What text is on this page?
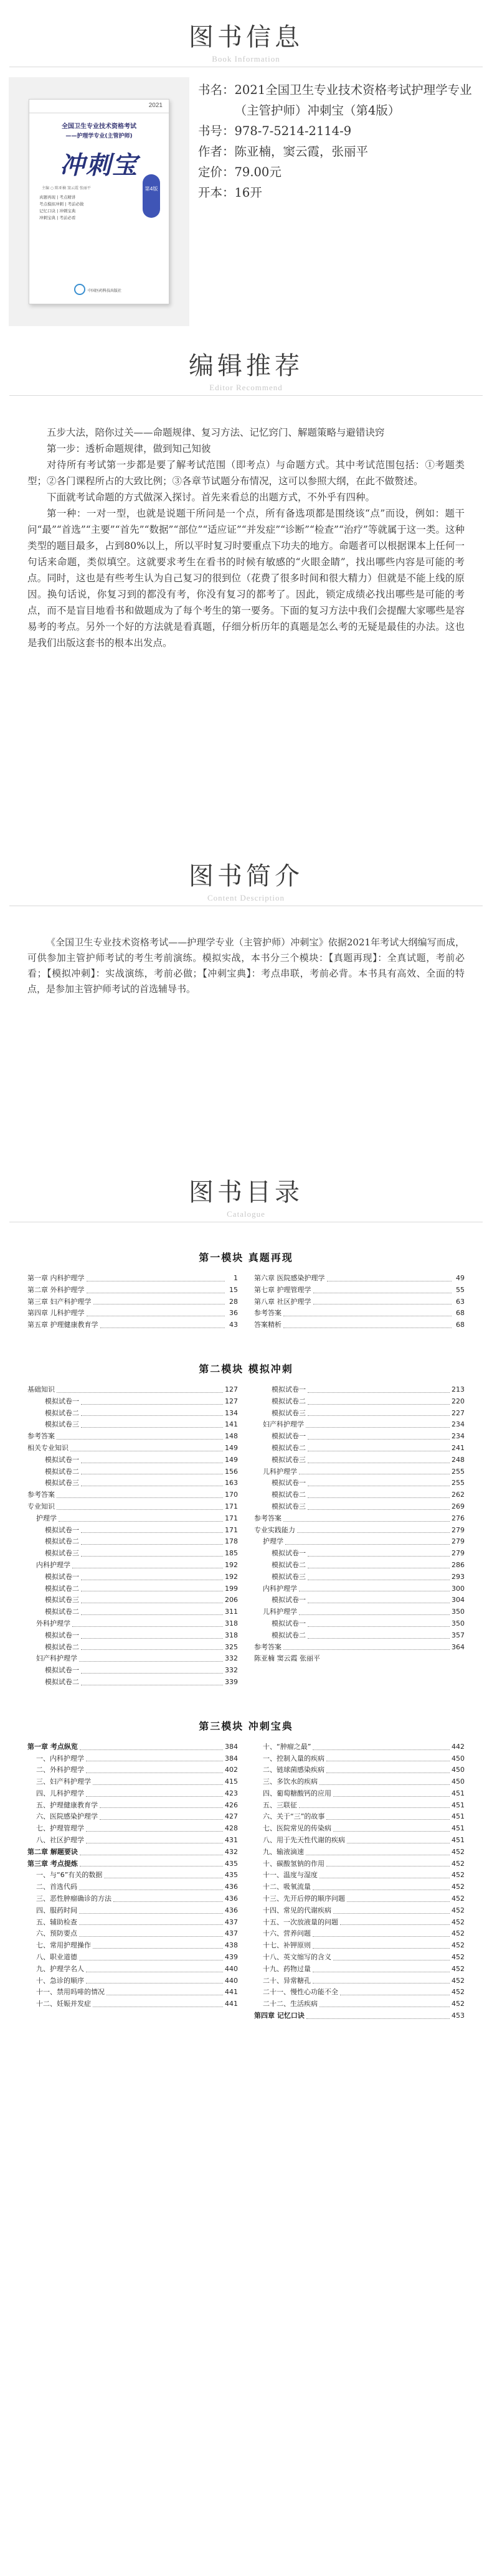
图书信息
Book Information
2021
全国卫生专业技术资格考试
——护理学专业(主管护师)
冲刺宝
主编 ○ 陈亚楠 窦云霞 张丽平
真题再现 | 考点精讲
考点模拟冲刺 | 考前必做
记忆口诀 | 冲刺宝典
冲刺宝典 | 考前必看
第4版
中国医药科技出版社
书名： 2021全国卫生专业技术资格考试护理学专业（主管护师）冲刺宝（第4版）
书号： 978-7-5214-2114-9
作者： 陈亚楠，窦云霞，张丽平
定价： 79.00元
开本： 16开
编辑推荐
Editor Recommend

五步大法，陪你过关——命题规律、复习方法、记忆窍门、解题策略与避错诀窍

第一步：透析命题规律，做到知己知彼

对待所有考试第一步都是要了解考试范围（即考点）与命题方式。其中考试范围包括：①考题类型；②各门课程所占的大致比例；③各章节试题分布情况，这可以参照大纲，在此不做赘述。

下面就考试命题的方式做深入探讨。首先来看总的出题方式，不外乎有四种。

第一种：一对一型，也就是说题干所问是一个点，所有备选项都是围绕该“点”而设，例如：题干问“最”“首选”“主要”“首先”“数据”“部位”“适应证”“并发症”“诊断”“检查”“治疗”等就属于这一类。这种类型的题目最多，占到80%以上，所以平时复习时要重点下功夫的地方。命题者可以根据课本上任何一句话来命题，类似填空。这就要求考生在看书的时候有敏感的“火眼金睛”，找出哪些内容是可能的考点。同时，这也是有些考生认为自己复习的很到位（花费了很多时间和很大精力）但就是不能上线的原因。换句话说，你复习到的都没有考，你没有复习的都考了。因此，锁定成绩必找出哪些是可能的考点，而不是盲目地看书和做题成为了每个考生的第一要务。下面的复习方法中我们会提醒大家哪些是容易考的考点。另外一个好的方法就是看真题，仔细分析历年的真题是怎么考的无疑是最佳的办法。这也是我们出版这套书的根本出发点。

图书简介
Content Description

《全国卫生专业技术资格考试——护理学专业（主管护师）冲刺宝》依据2021年考试大纲编写而成，可供参加主管护师考试的考生考前演练。模拟实战，本书分三个模块：【真题再现】：全真试题，考前必看；【模拟冲刺】：实战演练，考前必做；【冲刺宝典】：考点串联，考前必背。本书具有高效、全面的特点，是参加主管护师考试的首选辅导书。

图书目录
Catalogue
第一模块 真题再现
第一章 内科护理学	1
第二章 外科护理学	15
第三章 妇产科护理学	28
第四章 儿科护理学	36
第五章 护理健康教育学	43
第六章 医院感染护理学	49
第七章 护理管理学	55
第八章 社区护理学	63
参考答案	68
答案精析	68
第二模块 模拟冲刺
基础知识	127
模拟试卷一	127
模拟试卷二	134
模拟试卷三	141
参考答案	148
相关专业知识	149
模拟试卷一	149
模拟试卷二	156
模拟试卷三	163
参考答案	170
专业知识	171
护理学	171
模拟试卷一	171
模拟试卷二	178
模拟试卷三	185
内科护理学	192
模拟试卷一	192
模拟试卷二	199
模拟试卷三	206
模拟试卷二	311
外科护理学	318
模拟试卷一	318
模拟试卷二	325
妇产科护理学	332
模拟试卷一	332
模拟试卷二	339
模拟试卷一	213
模拟试卷二	220
模拟试卷三	227
妇产科护理学	234
模拟试卷一	234
模拟试卷二	241
模拟试卷三	248
儿科护理学	255
模拟试卷一	255
模拟试卷二	262
模拟试卷三	269
参考答案	276
专业实践能力	279
护理学	279
模拟试卷一	279
模拟试卷二	286
模拟试卷三	293
内科护理学	300
模拟试卷一	304
儿科护理学	350
模拟试卷一	350
模拟试卷二	357
参考答案	364
陈亚楠 窦云霞 张丽平
第三模块 冲刺宝典
第一章 考点纵览	384
一、内科护理学	384
二、外科护理学	402
三、妇产科护理学	415
四、儿科护理学	423
五、护理健康教育学	426
六、医院感染护理学	427
七、护理管理学	428
八、社区护理学	431
第二章 解题要诀	432
第三章 考点提炼	435
一、与“6”有关的数据	435
二、首选代码	436
三、恶性肿瘤确诊的方法	436
四、服药时间	436
五、辅助检查	437
六、预防要点	437
七、常用护理操作	438
八、职业道德	439
九、护理学名人	440
十、急诊的顺序	440
十一、禁用吗啡的情况	441
十二、妊娠并发症	441
十、“肿瘤之最”	442
一、控制入量的疾病	450
二、链球菌感染疾病	450
三、多饮水的疾病	450
四、葡萄糖酸钙的应用	451
五、三联征	451
六、关于“三”的故事	451
七、医院常见的传染病	451
八、用于先天性代谢的疾病	451
九、输液滴速	452
十、碳酸氢钠的作用	452
十一、温度与湿度	452
十二、吸氧流量	452
十三、先开后停的顺序问题	452
十四、常见的代谢疾病	452
十五、一次放液量的问题	452
十六、营养问题	452
十七、补钾原则	452
十八、英文缩写的含义	452
十九、药物过量	452
二十、异常糖孔	452
二十一、慢性心功能不全	452
二十二、生活疾病	452
第四章 记忆口诀	453
